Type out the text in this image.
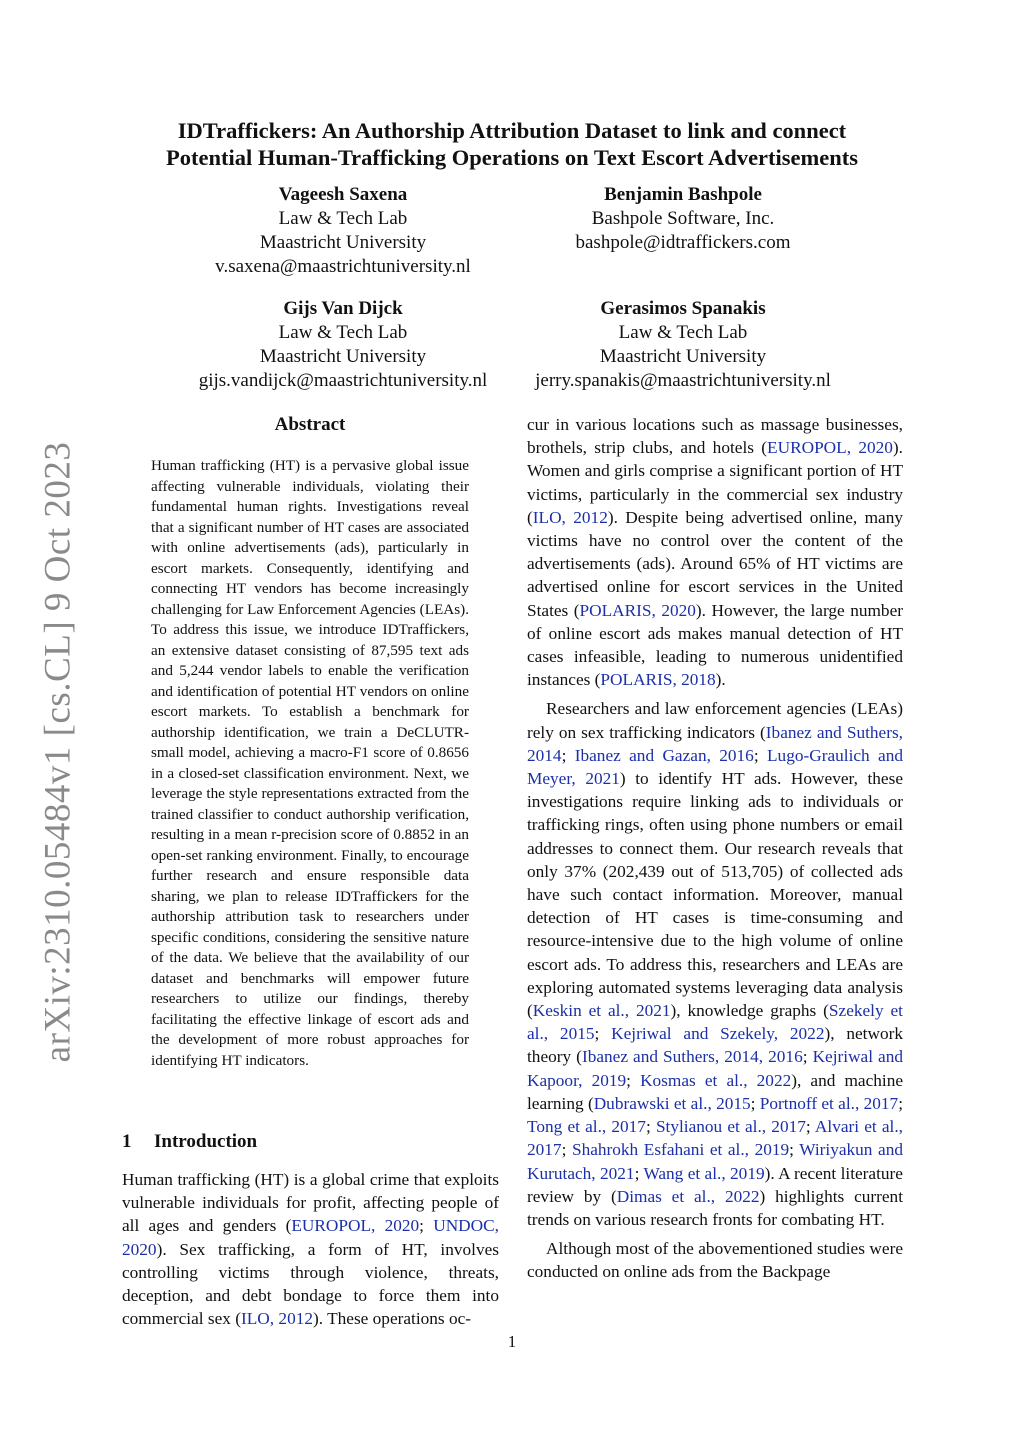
IDTraffickers: An Authorship Attribution Dataset to link and connect
Potential Human-Trafficking Operations on Text Escort Advertisements
Vageesh Saxena
Law & Tech Lab
Maastricht University
v.saxena@maastrichtuniversity.nl
Benjamin Bashpole
Bashpole Software, Inc.
bashpole@idtraffickers.com
Gijs Van Dijck
Law & Tech Lab
Maastricht University
gijs.vandijck@maastrichtuniversity.nl
Gerasimos Spanakis
Law & Tech Lab
Maastricht University
jerry.spanakis@maastrichtuniversity.nl
arXiv:2310.05484v1 [cs.CL] 9 Oct 2023
Abstract
Human trafficking (HT) is a pervasive global issue affecting vulnerable individuals, violating their fundamental human rights. Investigations reveal that a significant number of HT cases are associated with online advertisements (ads), particularly in escort markets. Consequently, identifying and connecting HT vendors has become increasingly challenging for Law Enforcement Agencies (LEAs). To address this issue, we introduce IDTraffickers, an extensive dataset consisting of 87,595 text ads and 5,244 vendor labels to enable the verification and identification of potential HT vendors on online escort markets. To establish a benchmark for authorship identification, we train a DeCLUTR-small model, achieving a macro-F1 score of 0.8656 in a closed-set classification environment. Next, we leverage the style representations extracted from the trained classifier to conduct authorship verification, resulting in a mean r-precision score of 0.8852 in an open-set ranking environment. Finally, to encourage further research and ensure responsible data sharing, we plan to release IDTraffickers for the authorship attribution task to researchers under specific conditions, considering the sensitive nature of the data. We believe that the availability of our dataset and benchmarks will empower future researchers to utilize our findings, thereby facilitating the effective linkage of escort ads and the development of more robust approaches for identifying HT indicators.
1 Introduction

Human trafficking (HT) is a global crime that exploits vulnerable individuals for profit, affecting people of all ages and genders (EUROPOL, 2020; UNDOC, 2020). Sex trafficking, a form of HT, involves controlling victims through violence, threats, deception, and debt bondage to force them into commercial sex (ILO, 2012). These operations oc-

cur in various locations such as massage businesses, brothels, strip clubs, and hotels (EUROPOL, 2020). Women and girls comprise a significant portion of HT victims, particularly in the commercial sex industry (ILO, 2012). Despite being advertised online, many victims have no control over the content of the advertisements (ads). Around 65% of HT victims are advertised online for escort services in the United States (POLARIS, 2020). However, the large number of online escort ads makes manual detection of HT cases infeasible, leading to numerous unidentified instances (POLARIS, 2018).

Researchers and law enforcement agencies (LEAs) rely on sex trafficking indicators (Ibanez and Suthers, 2014; Ibanez and Gazan, 2016; Lugo-Graulich and Meyer, 2021) to identify HT ads. However, these investigations require linking ads to individuals or trafficking rings, often using phone numbers or email addresses to connect them. Our research reveals that only 37% (202,439 out of 513,705) of collected ads have such contact information. Moreover, manual detection of HT cases is time-consuming and resource-intensive due to the high volume of online escort ads. To address this, researchers and LEAs are exploring automated systems leveraging data analysis (Keskin et al., 2021), knowledge graphs (Szekely et al., 2015; Kejriwal and Szekely, 2022), network theory (Ibanez and Suthers, 2014, 2016; Kejriwal and Kapoor, 2019; Kosmas et al., 2022), and machine learning (Dubrawski et al., 2015; Portnoff et al., 2017; Tong et al., 2017; Stylianou et al., 2017; Alvari et al., 2017; Shahrokh Esfahani et al., 2019; Wiriyakun and Kurutach, 2021; Wang et al., 2019). A recent literature review by (Dimas et al., 2022) highlights current trends on various research fronts for combating HT.

Although most of the abovementioned studies were conducted on online ads from the Backpage

1
